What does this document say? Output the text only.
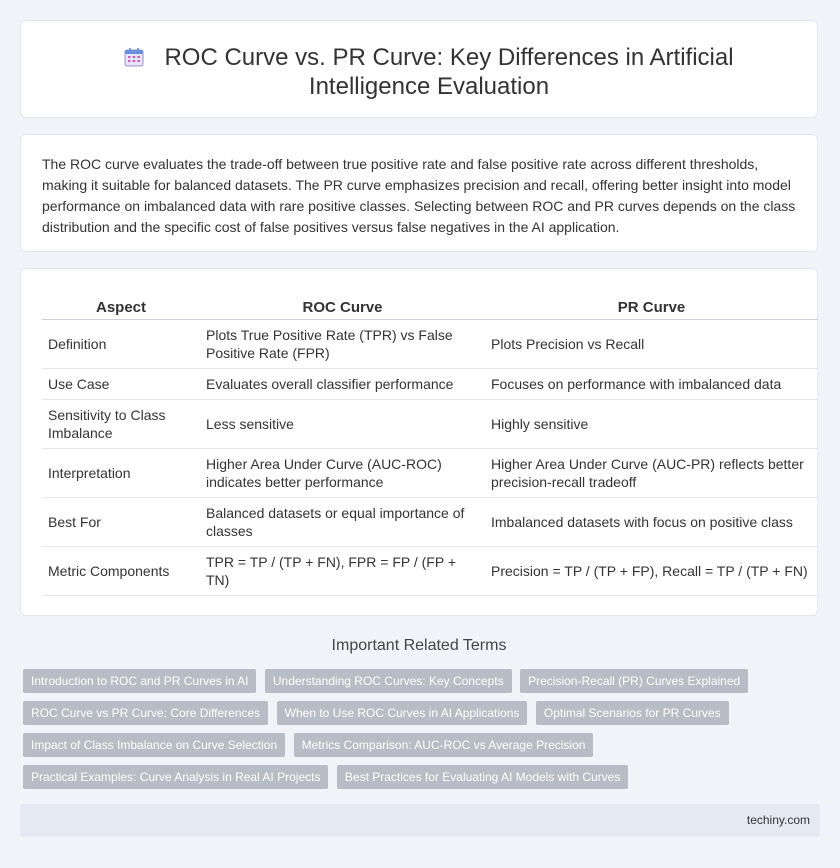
ROC Curve vs. PR Curve: Key Differences in Artificial Intelligence Evaluation
The ROC curve evaluates the trade-off between true positive rate and false positive rate across different thresholds, making it suitable for balanced datasets. The PR curve emphasizes precision and recall, offering better insight into model performance on imbalanced data with rare positive classes. Selecting between ROC and PR curves depends on the class distribution and the specific cost of false positives versus false negatives in the AI application.
Aspect	ROC Curve	PR Curve
Definition	Plots True Positive Rate (TPR) vs False Positive Rate (FPR)	Plots Precision vs Recall
Use Case	Evaluates overall classifier performance	Focuses on performance with imbalanced data
Sensitivity to Class Imbalance	Less sensitive	Highly sensitive
Interpretation	Higher Area Under Curve (AUC-ROC) indicates better performance	Higher Area Under Curve (AUC-PR) reflects better precision-recall tradeoff
Best For	Balanced datasets or equal importance of classes	Imbalanced datasets with focus on positive class
Metric Components	TPR = TP / (TP + FN), FPR = FP / (FP + TN)	Precision = TP / (TP + FP), Recall = TP / (TP + FN)
Important Related Terms
Introduction to ROC and PR Curves in AI Understanding ROC Curves: Key Concepts Precision-Recall (PR) Curves Explained
ROC Curve vs PR Curve: Core Differences When to Use ROC Curves in AI Applications Optimal Scenarios for PR Curves
Impact of Class Imbalance on Curve Selection Metrics Comparison: AUC-ROC vs Average Precision
Practical Examples: Curve Analysis in Real AI Projects Best Practices for Evaluating AI Models with Curves
techiny.com
